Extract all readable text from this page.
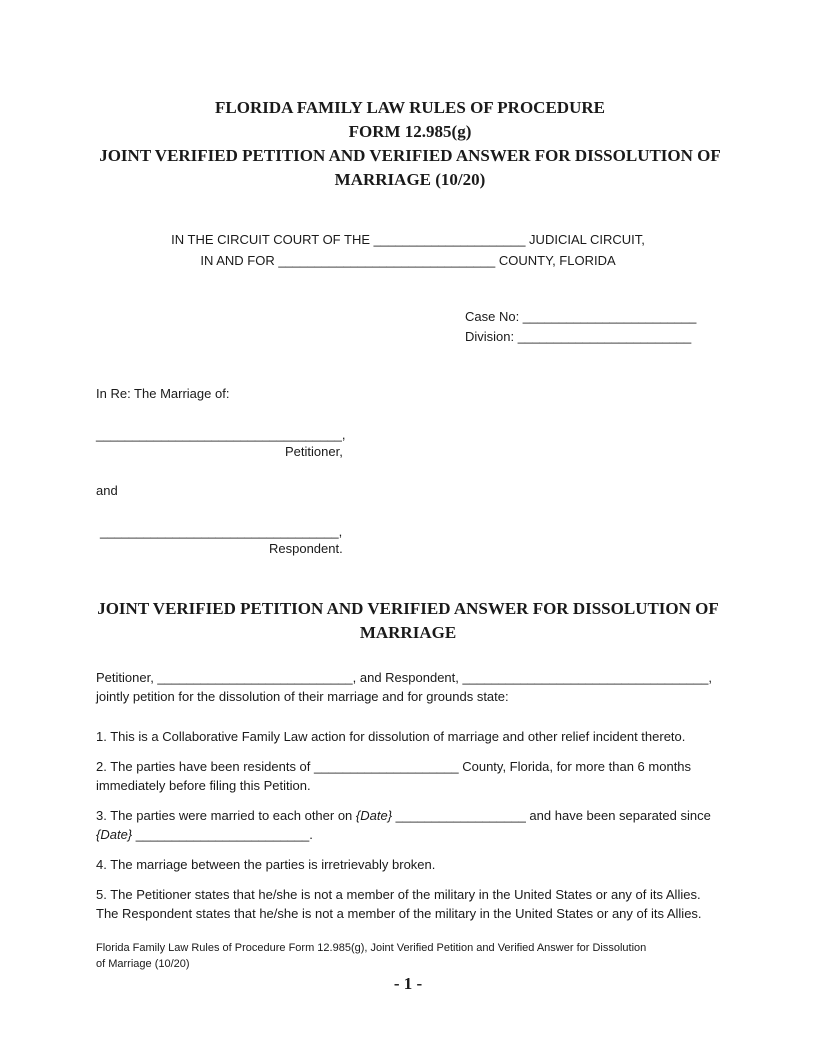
FLORIDA FAMILY LAW RULES OF PROCEDURE
FORM 12.985(g)
JOINT VERIFIED PETITION AND VERIFIED ANSWER FOR DISSOLUTION OF
MARRIAGE (10/20)
IN THE CIRCUIT COURT OF THE _____________________ JUDICIAL CIRCUIT,
IN AND FOR ______________________________ COUNTY, FLORIDA
Case No: ________________________
Division: ________________________
In Re: The Marriage of:
__________________________________,
Petitioner,
and
_________________________________,
Respondent.
JOINT VERIFIED PETITION AND VERIFIED ANSWER FOR DISSOLUTION OF
MARRIAGE
Petitioner, ___________________________, and Respondent, __________________________________,
jointly petition for the dissolution of their marriage and for grounds state:
1. This is a Collaborative Family Law action for dissolution of marriage and other relief incident thereto.
2. The parties have been residents of ____________________ County, Florida, for more than 6 months
immediately before filing this Petition.
3. The parties were married to each other on {Date} __________________ and have been separated since
{Date} ________________________.
4. The marriage between the parties is irretrievably broken.
5. The Petitioner states that he/she is not a member of the military in the United States or any of its Allies.
The Respondent states that he/she is not a member of the military in the United States or any of its Allies.
Florida Family Law Rules of Procedure Form 12.985(g), Joint Verified Petition and Verified Answer for Dissolution
of Marriage (10/20)
- 1 -
